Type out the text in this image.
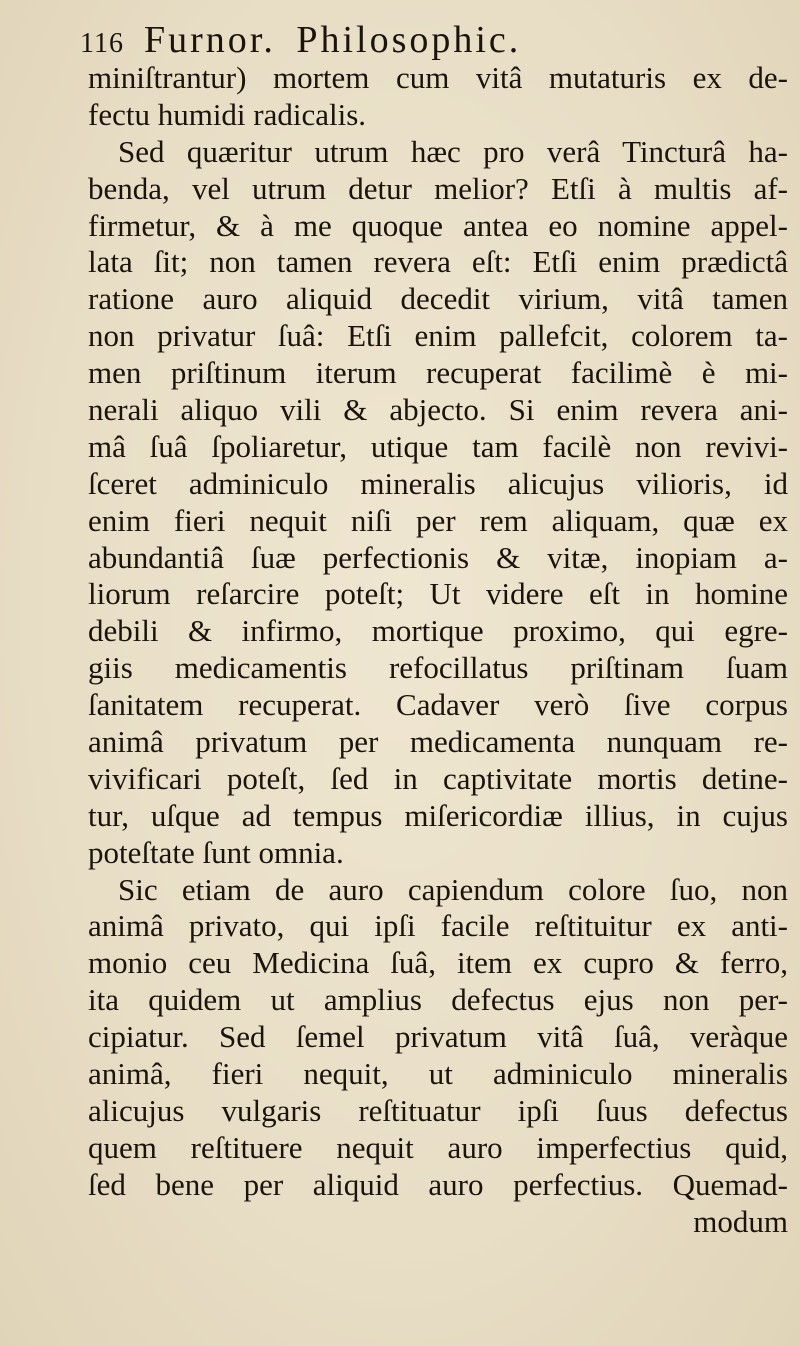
116 Furnor. Philosophic.
miniſtrantur) mortem cum vitâ mutaturis ex de-
fectu humidi radicalis.
Sed quæritur utrum hæc pro verâ Tincturâ ha-
benda, vel utrum detur melior? Etſi à multis af-
firmetur, & à me quoque antea eo nomine appel-
lata ſit; non tamen revera eſt: Etſi enim prædictâ
ratione auro aliquid decedit virium, vitâ tamen
non privatur ſuâ: Etſi enim pallefcit, colorem ta-
men priſtinum iterum recuperat facilimè è mi-
nerali aliquo vili & abjecto. Si enim revera ani-
mâ ſuâ ſpoliaretur, utique tam facilè non revivi-
ſceret adminiculo mineralis alicujus vilioris, id
enim fieri nequit niſi per rem aliquam, quæ ex
abundantiâ ſuæ perfectionis & vitæ, inopiam a-
liorum reſarcire poteſt; Ut videre eſt in homine
debili & infirmo, mortique proximo, qui egre-
giis medicamentis refocillatus priſtinam ſuam
ſanitatem recuperat. Cadaver verò ſive corpus
animâ privatum per medicamenta nunquam re-
vivificari poteſt, ſed in captivitate mortis detine-
tur, uſque ad tempus miſericordiæ illius, in cujus
poteſtate ſunt omnia.
Sic etiam de auro capiendum colore ſuo, non
animâ privato, qui ipſi facile reſtituitur ex anti-
monio ceu Medicina ſuâ, item ex cupro & ferro,
ita quidem ut amplius defectus ejus non per-
cipiatur. Sed ſemel privatum vitâ ſuâ, veràque
animâ, fieri nequit, ut adminiculo mineralis
alicujus vulgaris reſtituatur ipſi ſuus defectus
quem reſtituere nequit auro imperfectius quid,
ſed bene per aliquid auro perfectius. Quemad-
modum
